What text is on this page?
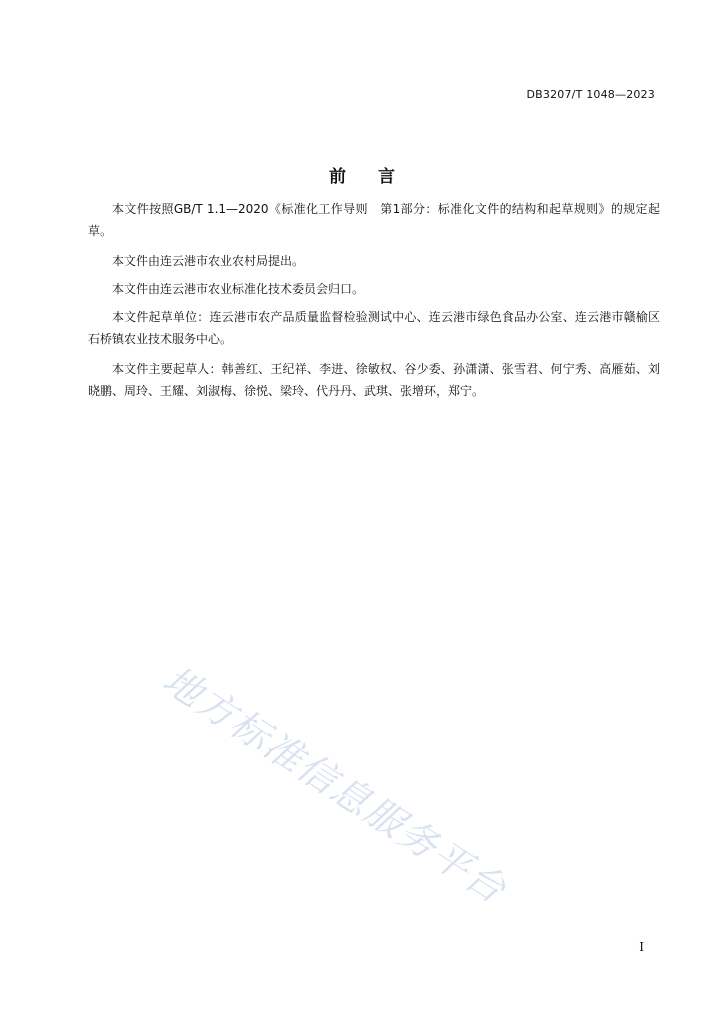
DB3207/T 1048—2023
前言

本文件按照GB/T 1.1—2020《标准化工作导则　第1部分：标准化文件的结构和起草规则》的规定起草。

本文件由连云港市农业农村局提出。

本文件由连云港市农业标准化技术委员会归口。

本文件起草单位：连云港市农产品质量监督检验测试中心、连云港市绿色食品办公室、连云港市赣榆区石桥镇农业技术服务中心。

本文件主要起草人：韩善红、王纪祥、李进、徐敏权、谷少委、孙潇潇、张雪君、何宁秀、高雁茹、刘晓鹏、周玲、王耀、刘淑梅、徐悦、梁玲、代丹丹、武琪、张增环，郑宁。

地方标准信息服务平台
I
